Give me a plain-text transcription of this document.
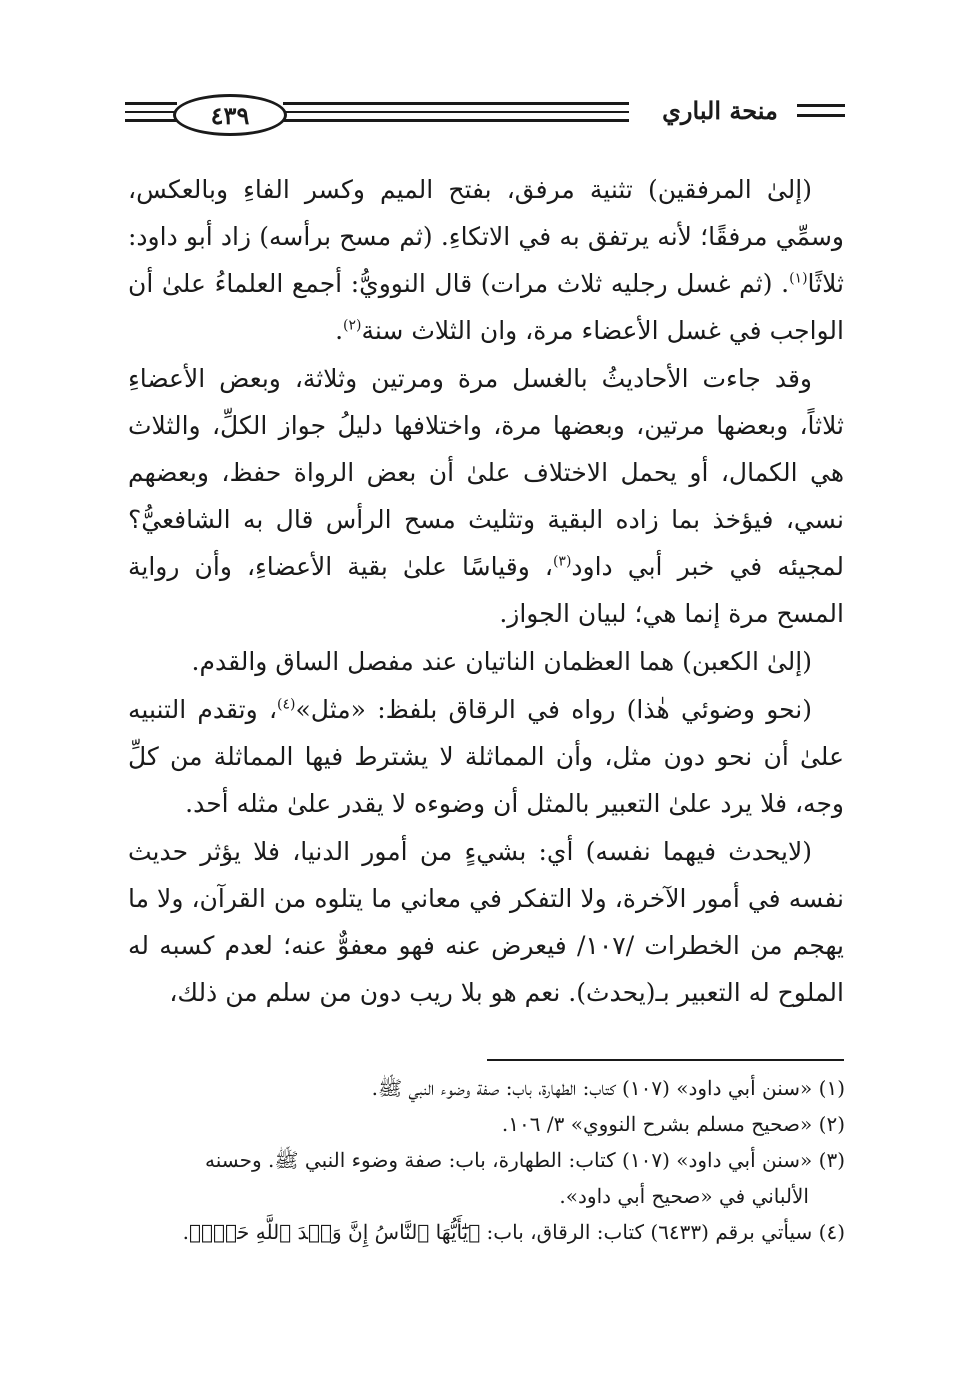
٤٣٩	منحة الباري

(إلىٰ المرفقين) تثنية مرفق، بفتح الميم وكسر الفاءِ وبالعكس، وسمِّي مرفقًا؛ لأنه يرتفق به في الاتكاءِ. (ثم مسح برأسه) زاد أبو داود: ثلاثًا$^{(١)}$. (ثم غسل رجليه ثلاث مرات) قال النوويُّ: أجمع العلماءُ علىٰ أن الواجب في غسل الأعضاء مرة، وان الثلاث سنة$^{(٢)}$.

وقد جاءت الأحاديثُ بالغسل مرة ومرتين وثلاثة، وبعض الأعضاءِ ثلاثاً، وبعضها مرتين، وبعضها مرة، واختلافها دليلُ جواز الكلِّ، والثلاث هي الكمال، أو يحمل الاختلاف علىٰ أن بعض الرواة حفظ، وبعضهم نسي، فيؤخذ بما زاده البقية وتثليث مسح الرأس قال به الشافعيُّ؟ لمجيئه في خبر أبي داود$^{(٣)}$، وقياسًا علىٰ بقية الأعضاءِ، وأن رواية المسح مرة إنما هي؛ لبيان الجواز.

(إلىٰ الكعبن) هما العظمان الناتيان عند مفصل الساق والقدم.

(نحو وضوئي هٰذا) رواه في الرقاق بلفظ: «مثل»$^{(٤)}$، وتقدم التنبيه علىٰ أن نحو دون مثل، وأن المماثلة لا يشترط فيها المماثلة من كلِّ وجه، فلا يرد علىٰ التعبير بالمثل أن وضوءه لا يقدر علىٰ مثله أحد.

(لايحدث فيهما نفسه) أي: بشيءٍ من أمور الدنيا، فلا يؤثر حديث نفسه في أمور الآخرة، ولا التفكر في معاني ما يتلوه من القرآن، ولا ما يهجم من الخطرات /١٠٧/ فيعرض عنه فهو معفوٌّ عنه؛ لعدم كسبه له الملوح له التعبير بـ(يحدث). نعم هو بلا ريب دون من سلم من ذلك،

(١) «سنن أبي داود» (١٠٧) كتاب: الطهارة، باب: صفة وضوء النبي ﷺ.

(٢) «صحيح مسلم بشرح النووي» ٣/ ١٠٦.

(٣) «سنن أبي داود» (١٠٧) كتاب: الطهارة، باب: صفة وضوء النبي ﷺ. وحسنه

الألباني في «صحيح أبي داود».

(٤) سيأتي برقم (٦٤٣٣) كتاب: الرقاق، باب: ﴿يَٰٓأَيُّهَا ٱلنَّاسُ إِنَّ وَعۡدَ ٱللَّهِ حَقّٞ﴾.
